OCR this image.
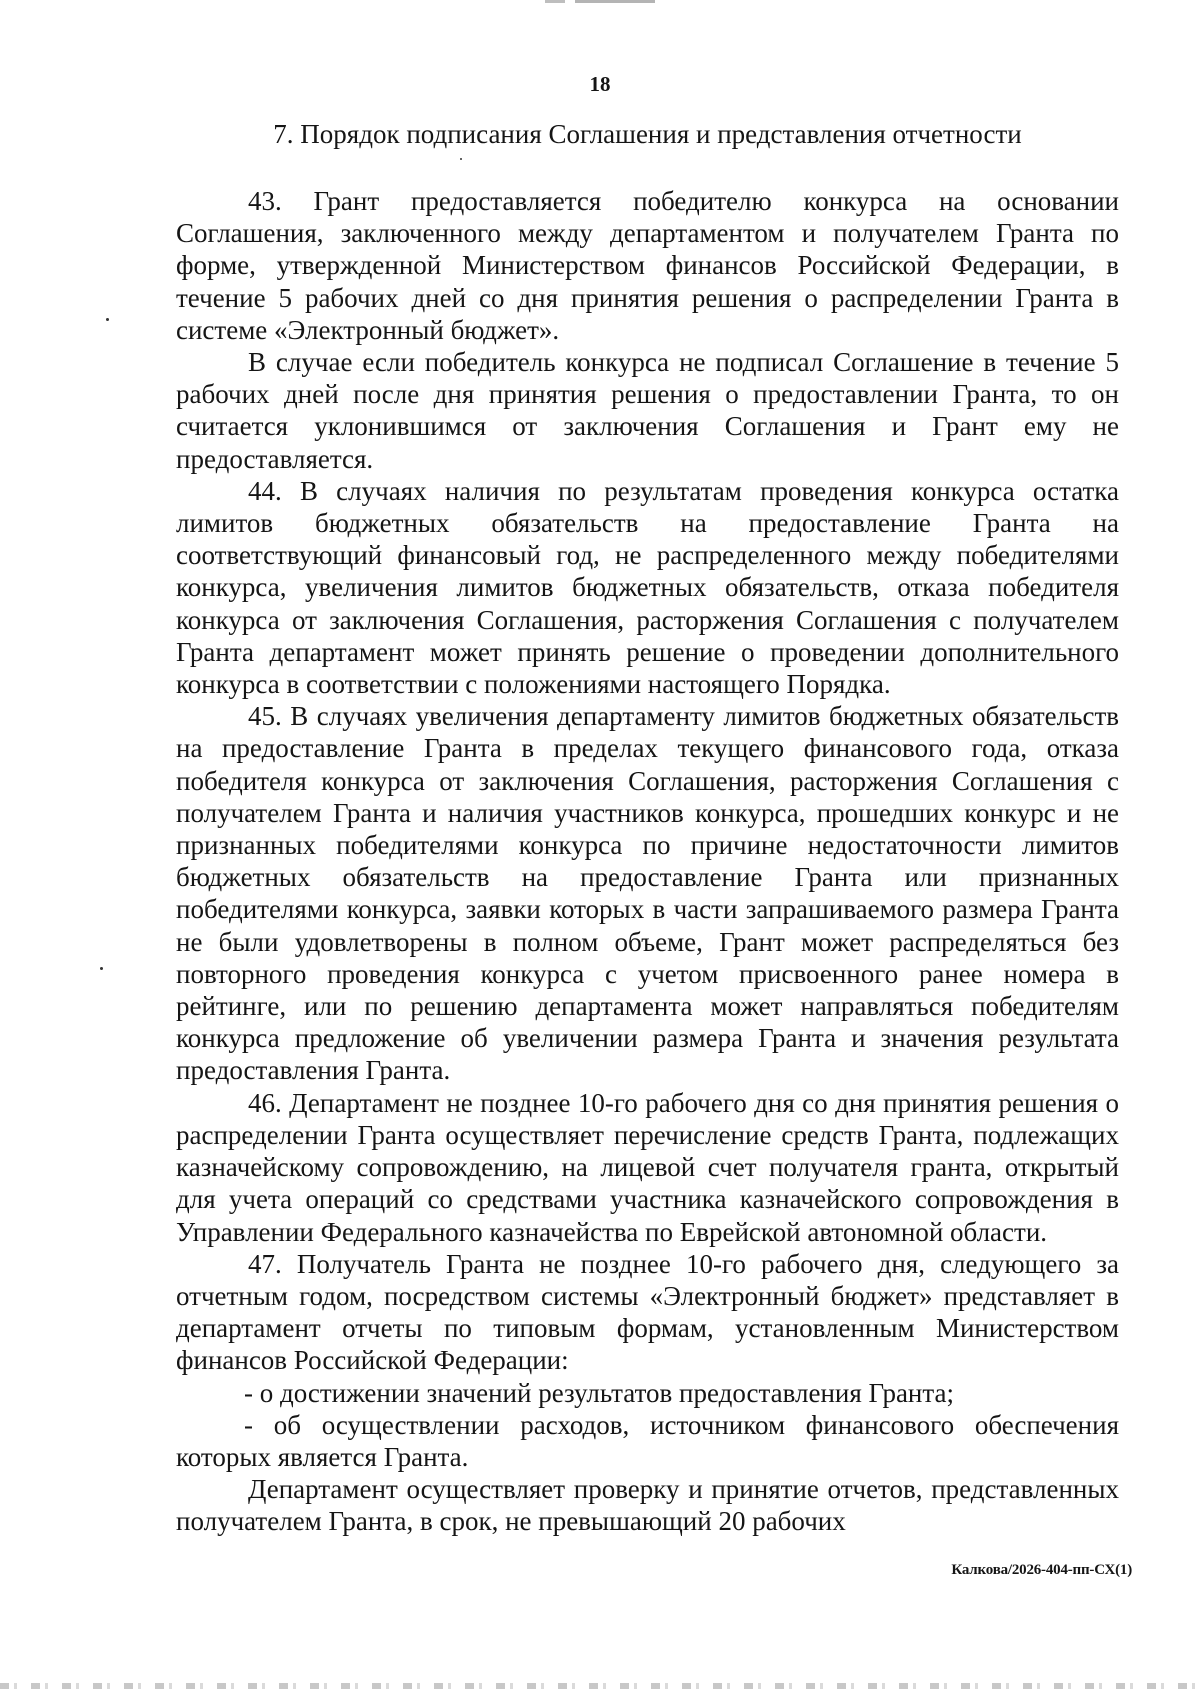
18
7. Порядок подписания Соглашения и представления отчетности

43. Грант предоставляется победителю конкурса на основании Соглашения, заключенного между департаментом и получателем Гранта по форме, утвержденной Министерством финансов Российской Федерации, в течение 5 рабочих дней со дня принятия решения о распределении Гранта в системе «Электронный бюджет».

В случае если победитель конкурса не подписал Соглашение в течение 5 рабочих дней после дня принятия решения о предоставлении Гранта, то он считается уклонившимся от заключения Соглашения и Грант ему не предоставляется.

44. В случаях наличия по результатам проведения конкурса остатка лимитов бюджетных обязательств на предоставление Гранта на соответствующий финансовый год, не распределенного между победителями конкурса, увеличения лимитов бюджетных обязательств, отказа победителя конкурса от заключения Соглашения, расторжения Соглашения с получателем Гранта департамент может принять решение о проведении дополнительного конкурса в соответствии с положениями настоящего Порядка.

45. В случаях увеличения департаменту лимитов бюджетных обязательств на предоставление Гранта в пределах текущего финансового года, отказа победителя конкурса от заключения Соглашения, расторжения Соглашения с получателем Гранта и наличия участников конкурса, прошедших конкурс и не признанных победителями конкурса по причине недостаточности лимитов бюджетных обязательств на предоставление Гранта или признанных победителями конкурса, заявки которых в части запрашиваемого размера Гранта не были удовлетворены в полном объеме, Грант может распределяться без повторного проведения конкурса с учетом присвоенного ранее номера в рейтинге, или по решению департамента может направляться победителям конкурса предложение об увеличении размера Гранта и значения результата предоставления Гранта.

46. Департамент не позднее 10-го рабочего дня со дня принятия решения о распределении Гранта осуществляет перечисление средств Гранта, подлежащих казначейскому сопровождению, на лицевой счет получателя гранта, открытый для учета операций со средствами участника казначейского сопровождения в Управлении Федерального казначейства по Еврейской автономной области.

47. Получатель Гранта не позднее 10-го рабочего дня, следующего за отчетным годом, посредством системы «Электронный бюджет» представляет в департамент отчеты по типовым формам, установленным Министерством финансов Российской Федерации:

- о достижении значений результатов предоставления Гранта;

- об осуществлении расходов, источником финансового обеспечения которых является Гранта.

Департамент осуществляет проверку и принятие отчетов, представленных получателем Гранта, в срок, не превышающий 20 рабочих

Калкова/2026-404-пп-СХ(1)
